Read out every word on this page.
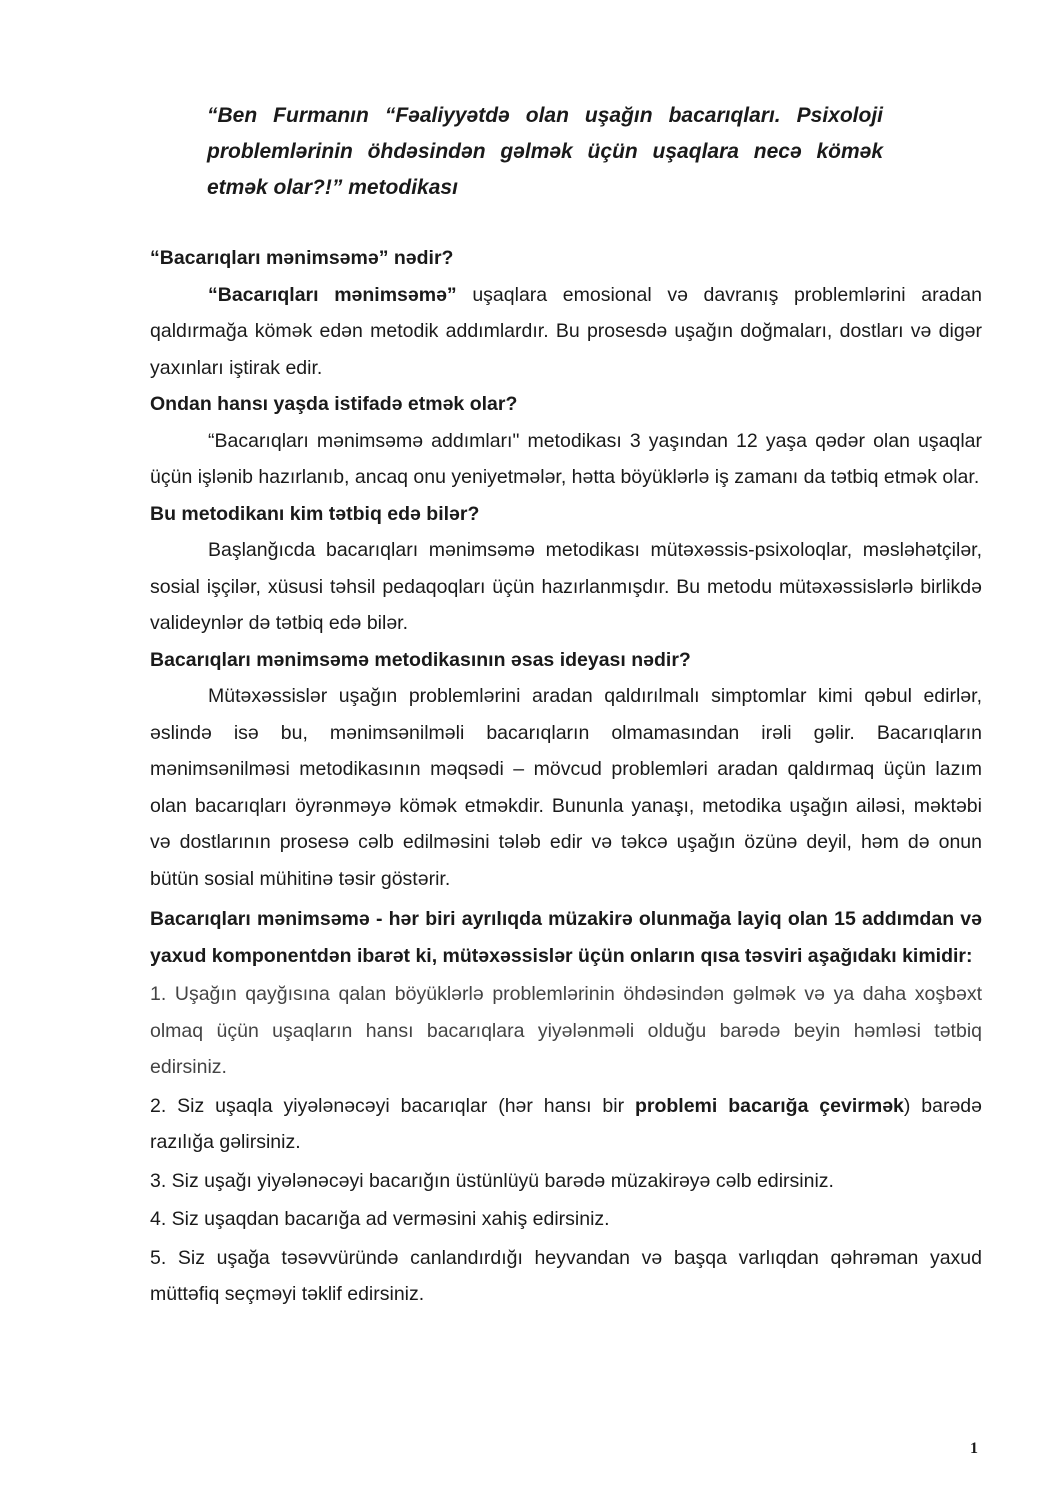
“Ben Furmanın “Fəaliyyətdə olan uşağın bacarıqları. Psixoloji problemlərinin öhdəsindən gəlmək üçün uşaqlara necə kömək etmək olar?!” metodikası

“Bacarıqları mənimsəmə” nədir?

“Bacarıqları mənimsəmə” uşaqlara emosional və davranış problemlərini aradan qaldırmağa kömək edən metodik addımlardır. Bu prosesdə uşağın doğmaları, dostları və digər yaxınları iştirak edir.

Ondan hansı yaşda istifadə etmək olar?

“Bacarıqları mənimsəmə addımları" metodikası 3 yaşından 12 yaşa qədər olan uşaqlar üçün işlənib hazırlanıb, ancaq onu yeniyetmələr, hətta böyüklərlə iş zamanı da tətbiq etmək olar.

Bu metodikanı kim tətbiq edə bilər?

Başlanğıcda bacarıqları mənimsəmə metodikası mütəxəssis-psixoloqlar, məsləhətçilər, sosial işçilər, xüsusi təhsil pedaqoqları üçün hazırlanmışdır. Bu metodu mütəxəssislərlə birlikdə valideynlər də tətbiq edə bilər.

Bacarıqları mənimsəmə metodikasının əsas ideyası nədir?

Mütəxəssislər uşağın problemlərini aradan qaldırılmalı simptomlar kimi qəbul edirlər, əslində isə bu, mənimsənilməli bacarıqların olmamasından irəli gəlir. Bacarıqların mənimsənilməsi metodikasının məqsədi – mövcud problemləri aradan qaldırmaq üçün lazım olan bacarıqları öyrənməyə kömək etməkdir. Bununla yanaşı, metodika uşağın ailəsi, məktəbi və dostlarının prosesə cəlb edilməsini tələb edir və təkcə uşağın özünə deyil, həm də onun bütün sosial mühitinə təsir göstərir.

Bacarıqları mənimsəmə - hər biri ayrılıqda müzakirə olunmağa layiq olan 15 addımdan və yaxud komponentdən ibarət ki, mütəxəssislər üçün onların qısa təsviri aşağıdakı kimidir:

1. Uşağın qayğısına qalan böyüklərlə problemlərinin öhdəsindən gəlmək və ya daha xoşbəxt olmaq üçün uşaqların hansı bacarıqlara yiyələnməli olduğu barədə beyin həmləsi tətbiq edirsiniz.

2. Siz uşaqla yiyələnəcəyi bacarıqlar (hər hansı bir problemi bacarığa çevirmək) barədə razılığa gəlirsiniz.

3. Siz uşağı yiyələnəcəyi bacarığın üstünlüyü barədə müzakirəyə cəlb edirsiniz.

4. Siz uşaqdan bacarığa ad verməsini xahiş edirsiniz.

5. Siz uşağa təsəvvüründə canlandırdığı heyvandan və başqa varlıqdan qəhrəman yaxud müttəfiq seçməyi təklif edirsiniz.

1
